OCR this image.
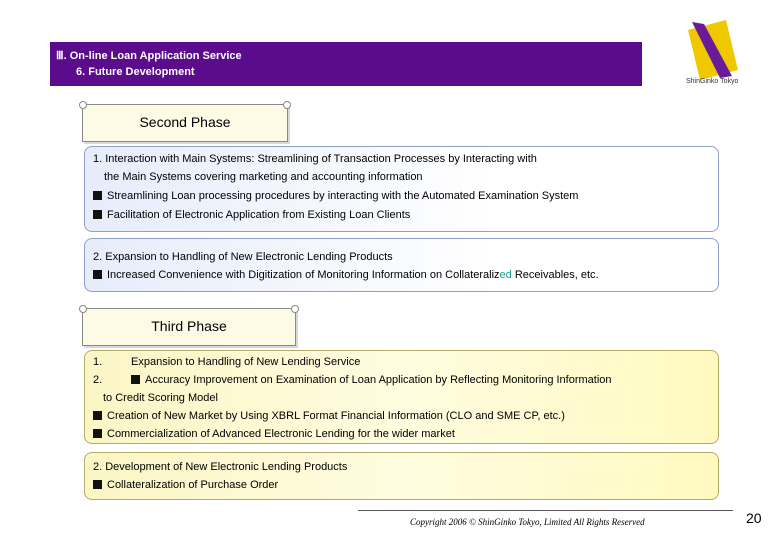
Ⅲ. On-line Loan Application Service
6. Future Development
ShinGinko Tokyo
Second Phase
1. Interaction with Main Systems: Streamlining of Transaction Processes by Interacting with
the Main Systems covering marketing and accounting information
Streamlining Loan processing procedures by interacting with the Automated Examination System
Facilitation of Electronic Application from Existing Loan Clients
2. Expansion to Handling of New Electronic Lending Products
Increased Convenience with Digitization of Monitoring Information on Collateralized Receivables, etc.
Third Phase
1.	Expansion to Handling of New Lending Service
2.	Accuracy Improvement on Examination of Loan Application by Reflecting Monitoring Information
to Credit Scoring Model
Creation of New Market by Using XBRL Format Financial Information (CLO and SME CP, etc.)
Commercialization of Advanced Electronic Lending for the wider market
2. Development of New Electronic Lending Products
Collateralization of Purchase Order
Copyright 2006 © ShinGinko Tokyo, Limited All Rights Reserved	20
